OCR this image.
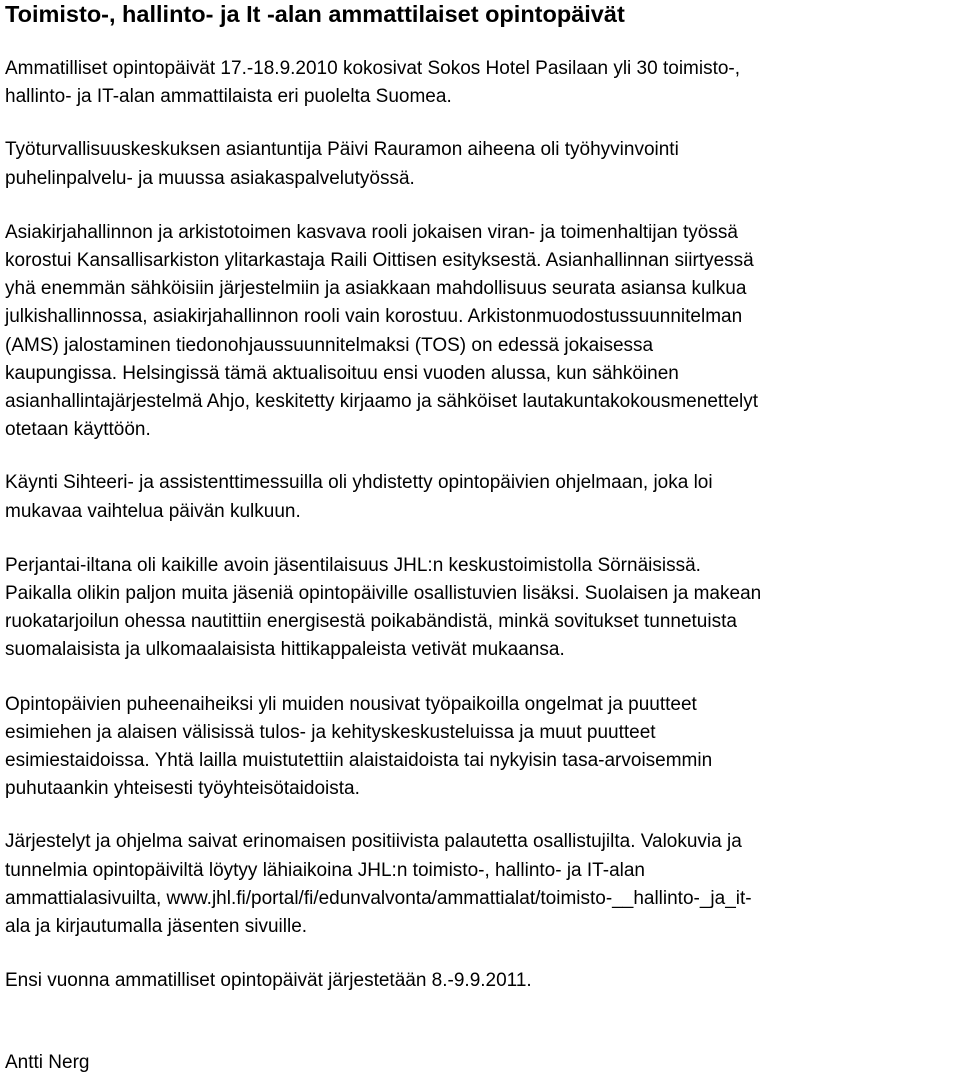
Toimisto-, hallinto- ja It -alan ammattilaiset opintopäivät

Ammatilliset opintopäivät 17.-18.9.2010 kokosivat Sokos Hotel Pasilaan yli 30 toimisto-,
hallinto- ja IT-alan ammattilaista eri puolelta Suomea.

Työturvallisuuskeskuksen asiantuntija Päivi Rauramon aiheena oli työhyvinvointi
puhelinpalvelu- ja muussa asiakaspalvelutyössä.

Asiakirjahallinnon ja arkistotoimen kasvava rooli jokaisen viran- ja toimenhaltijan työssä
korostui Kansallisarkiston ylitarkastaja Raili Oittisen esityksestä. Asianhallinnan siirtyessä
yhä enemmän sähköisiin järjestelmiin ja asiakkaan mahdollisuus seurata asiansa kulkua
julkishallinnossa, asiakirjahallinnon rooli vain korostuu. Arkistonmuodostussuunnitelman
(AMS) jalostaminen tiedonohjaussuunnitelmaksi (TOS) on edessä jokaisessa
kaupungissa. Helsingissä tämä aktualisoituu ensi vuoden alussa, kun sähköinen
asianhallintajärjestelmä Ahjo, keskitetty kirjaamo ja sähköiset lautakuntakokousmenettelyt
otetaan käyttöön.

Käynti Sihteeri- ja assistenttimessuilla oli yhdistetty opintopäivien ohjelmaan, joka loi
mukavaa vaihtelua päivän kulkuun.

Perjantai-iltana oli kaikille avoin jäsentilaisuus JHL:n keskustoimistolla Sörnäisissä.
Paikalla olikin paljon muita jäseniä opintopäiville osallistuvien lisäksi. Suolaisen ja makean
ruokatarjoilun ohessa nautittiin energisestä poikabändistä, minkä sovitukset tunnetuista
suomalaisista ja ulkomaalaisista hittikappaleista vetivät mukaansa.

Opintopäivien puheenaiheiksi yli muiden nousivat työpaikoilla ongelmat ja puutteet
esimiehen ja alaisen välisissä tulos- ja kehityskeskusteluissa ja muut puutteet
esimiestaidoissa. Yhtä lailla muistutettiin alaistaidoista tai nykyisin tasa-arvoisemmin
puhutaankin yhteisesti työyhteisötaidoista.

Järjestelyt ja ohjelma saivat erinomaisen positiivista palautetta osallistujilta. Valokuvia ja
tunnelmia opintopäiviltä löytyy lähiaikoina JHL:n toimisto-, hallinto- ja IT-alan
ammattialasivuilta, www.jhl.fi/portal/fi/edunvalvonta/ammattialat/toimisto-__hallinto-_ja_it-
ala ja kirjautumalla jäsenten sivuille.

Ensi vuonna ammatilliset opintopäivät järjestetään 8.-9.9.2011.

Antti Nerg
